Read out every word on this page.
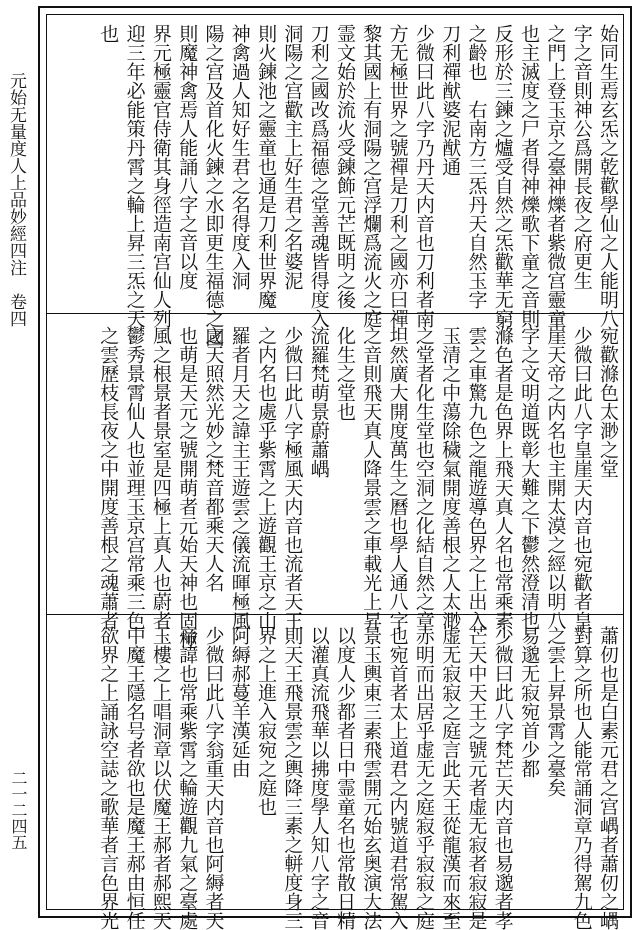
元始无量度人上品妙經四注　卷四
二一二四五
始同生焉玄炁之乾歡學仙之人能明八
字之音則神公爲開長夜之府更生
之門上登玉京之臺神爍者紫微宫靈童
也主滅度之尸者得神爍歌下童之音則
反形於三鍊之爐受自然之炁歡華无窮
之齡也　右南方三炁丹天自然玉字
刀利禪猷婆泥猷通
少微曰此八字乃丹天内音也刀利者南
方无極世界之號禪是刀利之國亦曰禪
黎其國上有洞陽之宫浮爛爲流火之庭
霊文始於流火受鍊飾元芒既明之後
刀利之國改爲福德之堂善魂皆得度入
洞陽之宫歡主上好生君之名婆泥
則火鍊池之靈童也通是刀利世界魔
神禽過人知好生君之名得度入洞
陽之宫及首化火鍊之水即更生福德之國
則魔神禽焉人能誦八字之音以度
界元極靈官侍衛其身徑造南宫仙人列
迎三年必能策丹霄之輪上昇三炁之天
也
宛歡滌色太渺之堂
少微曰此八字皇崖天内音也宛歡者皇
崖天帝之内名也主開太漠之經以明八
字之文明道既彰大難之下鬱然澄清也
滌色者是色界上飛天真人名也常乘素
雲之車驚九色之龍遊導色界之上出入
玉清之中蕩除穢氣開度善根之人太渺
之堂者化生堂也空洞之化結自然之章
坦然廣大開度萬生之曆也學人通八字
之音則飛天真人降景雲之車載光上昇
化生之堂也
流羅梵萌景蔚蕭嵎
少微曰此八字極風天内音也流者天王
之内名也處乎紫霄之上遊觀王京之山
羅者月天之諱主王遊雲之儀流暉極風
之天照然光妙之梵音都乘天人名
也萌是天元之號開萌者元始天神也固極
風之根景者景室是四極上真人也蔚者
鬱秀景霄仙人也並理玉京宫常乘三色
之雲歷枝長夜之中開度善根之魂蕭者
蕭仞也是白素元君之宫嵎者蕭仞之嵎
對算之所也人能常誦洞章乃得駕九色
之雲上昇景霄之臺矣
易邈无寂宛首少都
少微曰此八字梵芒天内音也易邈者孝
芒天中天王之號元者虚无寂者寂寂是
虚无寂寂之庭言此天王從龍漢而來至
赤明而出居乎虚无之庭寂乎寂寂之庭
也宛首者太上道君之内號道君常駕入
景玉輿東三素飛雲開元始玄奥演大法
以度人少都者日中霊童名也常散日精
以灌真流飛華以拂度學人知八字之音
則天王飛景雲之輿降三素之軿度身三
界之上進入寂宛之庭也
阿縟郝蔓羊漢延由
少微曰此八字翁重天内音也阿縟者天
帝諱也常乘紫霄之輪遊觀九氣之臺處
玉樓之上唱洞章以伏魔王郝者郝熙天
中魔王隱名号者欲也是魔王郝由恒任
欲界之上誦詠空誌之歌華者言色界光
